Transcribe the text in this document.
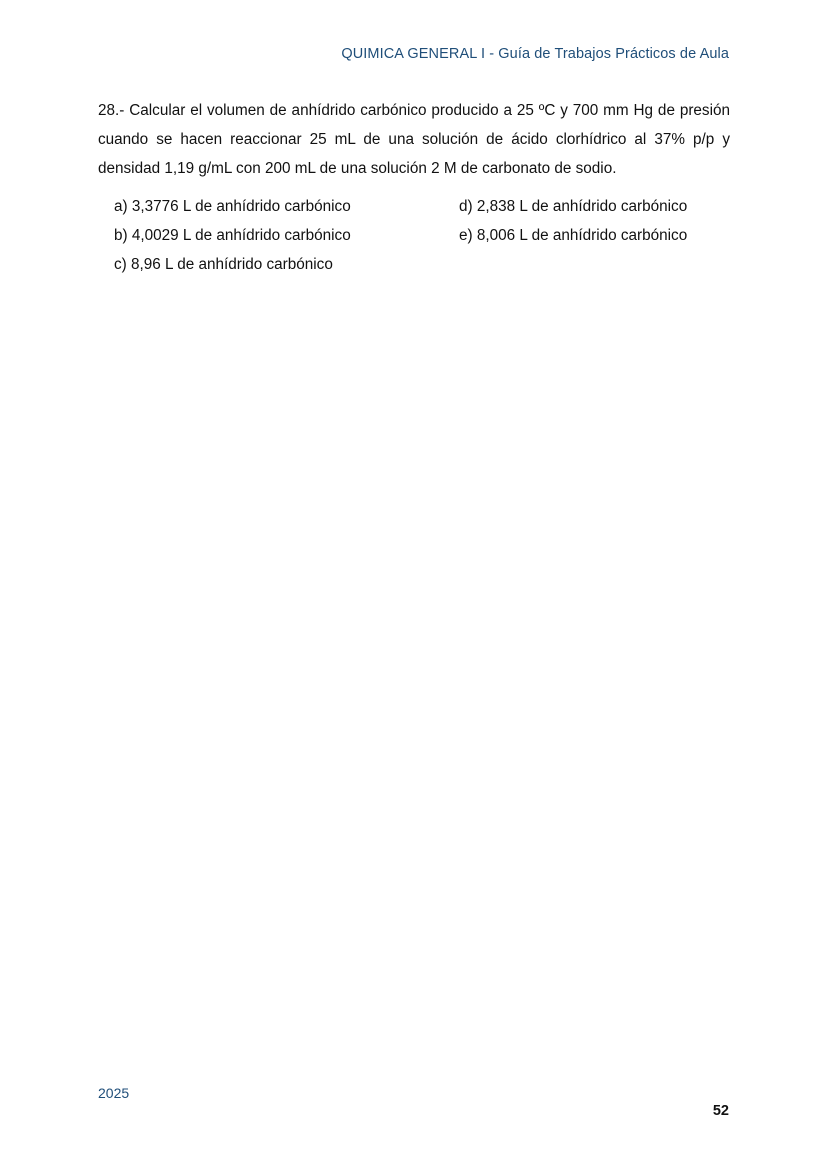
QUIMICA GENERAL I - Guía de Trabajos Prácticos de Aula
28.- Calcular el volumen de anhídrido carbónico producido a 25 ºC y 700 mm Hg de presión cuando se hacen reaccionar 25 mL de una solución de ácido clorhídrico al 37% p/p y densidad 1,19 g/mL con 200 mL de una solución 2 M de carbonato de sodio.
a) 3,3776 L de anhídrido carbónico	d) 2,838 L de anhídrido carbónico
b) 4,0029 L de anhídrido carbónico	e) 8,006 L de anhídrido carbónico
c) 8,96 L de anhídrido carbónico
2025
52
